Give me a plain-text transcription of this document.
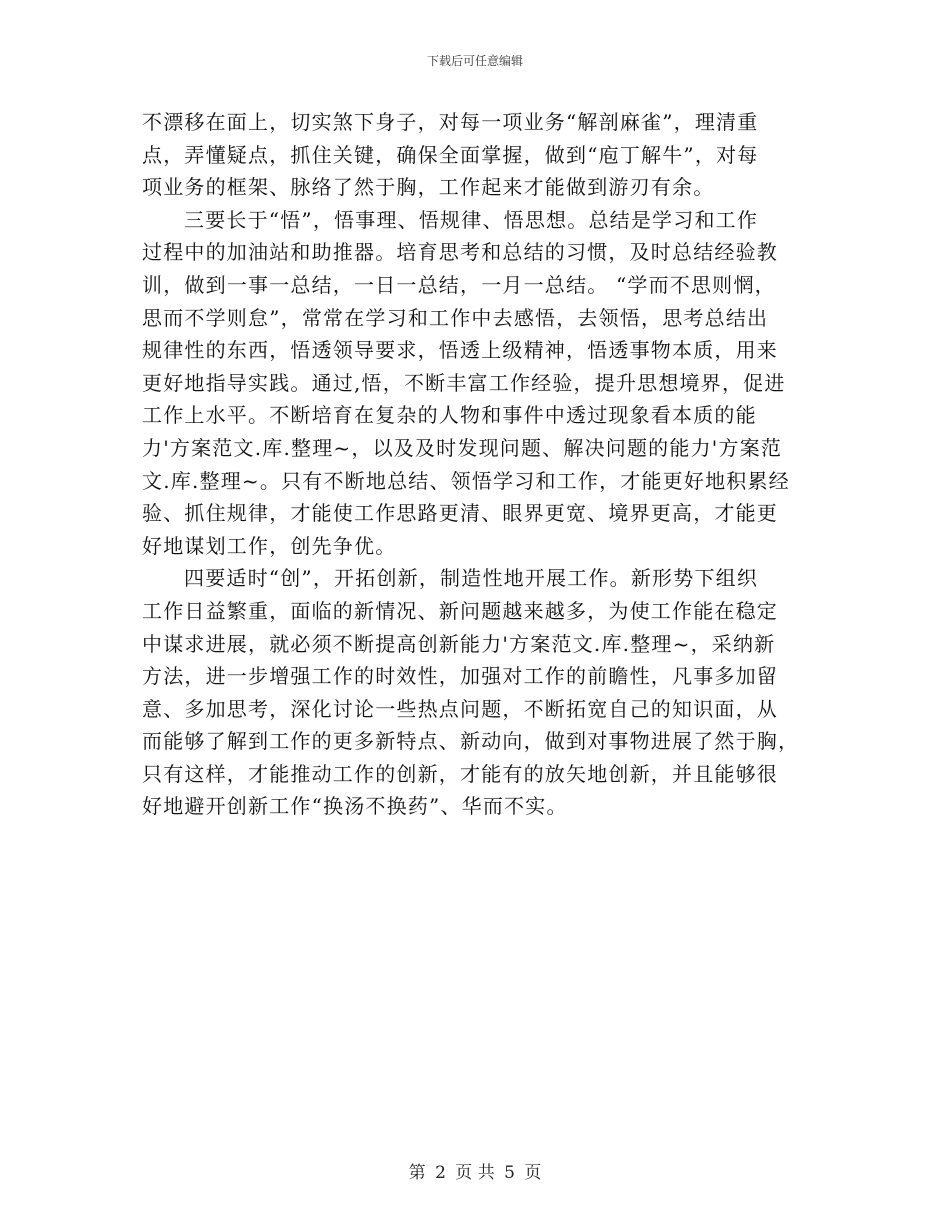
下载后可任意编辑
不漂移在面上，切实煞下身子，对每一项业务“解剖麻雀”，理清重
点，弄懂疑点，抓住关键，确保全面掌握，做到“庖丁解牛”，对每
项业务的框架、脉络了然于胸，工作起来才能做到游刃有余。
三要长于“悟”，悟事理、悟规律、悟思想。总结是学习和工作
过程中的加油站和助推器。培育思考和总结的习惯，及时总结经验教
训，做到一事一总结，一日一总结，一月一总结。 “学而不思则惘，
思而不学则怠”，常常在学习和工作中去感悟，去领悟，思考总结出
规律性的东西，悟透领导要求，悟透上级精神，悟透事物本质，用来
更好地指导实践。通过,悟，不断丰富工作经验，提升思想境界，促进
工作上水平。不断培育在复杂的人物和事件中透过现象看本质的能
力'方案范文.库.整理~，以及及时发现问题、解决问题的能力'方案范
文.库.整理~。只有不断地总结、领悟学习和工作，才能更好地积累经
验、抓住规律，才能使工作思路更清、眼界更宽、境界更高，才能更
好地谋划工作，创先争优。
四要适时“创”，开拓创新，制造性地开展工作。新形势下组织
工作日益繁重，面临的新情况、新问题越来越多，为使工作能在稳定
中谋求进展，就必须不断提高创新能力'方案范文.库.整理~，采纳新
方法，进一步增强工作的时效性，加强对工作的前瞻性，凡事多加留
意、多加思考，深化讨论一些热点问题，不断拓宽自己的知识面，从
而能够了解到工作的更多新特点、新动向，做到对事物进展了然于胸，
只有这样，才能推动工作的创新，才能有的放矢地创新，并且能够很
好地避开创新工作“换汤不换药”、华而不实。
第 2 页 共 5 页
